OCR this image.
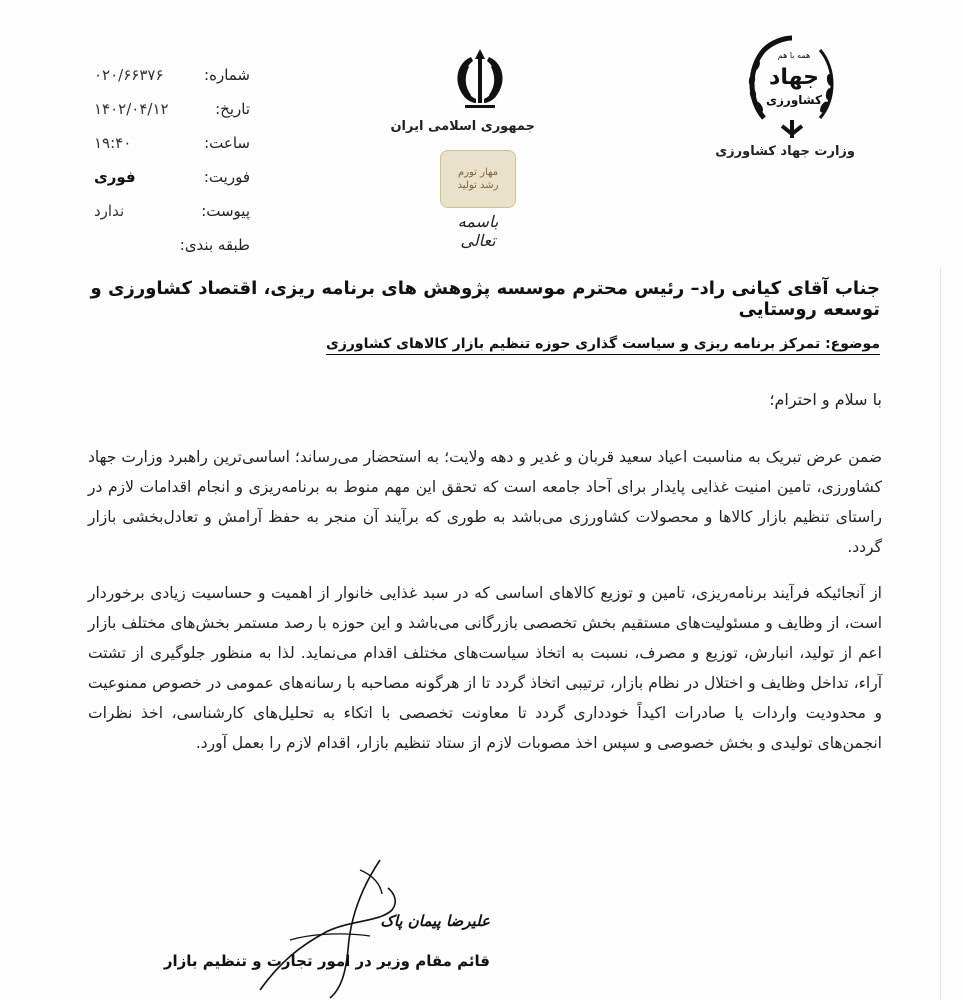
شماره:
۰۲۰/۶۶۳۷۶
تاریخ:
۱۴۰۲/۰۴/۱۲
ساعت:
۱۹:۴۰
فوریت:
فوری
پیوست:
ندارد
طبقه بندی:
جمهوری اسلامی ایران
مهار تورم
رشد تولید
باسمه تعالی
همه با هم
جهاد
کشاورزی
وزارت جهاد کشاورزی
جناب آقای کیانی راد– رئیس محترم موسسه پژوهش های برنامه ریزی، اقتصاد کشاورزی و توسعه روستایی
موضوع: تمرکز برنامه ریزی و سیاست گذاری حوزه تنظیم بازار کالاهای کشاورزی
با سلام و احترام؛
ضمن عرض تبریک به مناسبت اعیاد سعید قربان و غدیر و دهه ولایت؛ به استحضار می‌رساند؛ اساسی‌ترین راهبرد وزارت جهاد کشاورزی، تامین امنیت غذایی پایدار برای آحاد جامعه است که تحقق این مهم منوط به برنامه‌ریزی و انجام اقدامات لازم در راستای تنظیم بازار کالاها و محصولات کشاورزی می‌باشد به طوری که برآیند آن منجر به حفظ آرامش و تعادل‌بخشی بازار گردد.
از آنجائیکه فرآیند برنامه‌ریزی، تامین و توزیع کالاهای اساسی که در سبد غذایی خانوار از اهمیت و حساسیت زیادی برخوردار است، از وظایف و مسئولیت‌های مستقیم بخش تخصصی بازرگانی می‌باشد و این حوزه با رصد مستمر بخش‌های مختلف بازار اعم از تولید، انبارش، توزیع و مصرف، نسبت به اتخاذ سیاست‌های مختلف اقدام می‌نماید. لذا به منظور جلوگیری از تشتت آراء، تداخل وظایف و اختلال در نظام بازار، ترتیبی اتخاذ گردد تا از هرگونه مصاحبه با رسانه‌های عمومی در خصوص ممنوعیت و محدودیت واردات یا صادرات اکیداً خودداری گردد تا معاونت تخصصی با اتکاء به تحلیل‌های کارشناسی، اخذ نظرات انجمن‌های تولیدی و بخش خصوصی و سپس اخذ مصوبات لازم از ستاد تنظیم بازار، اقدام لازم را بعمل آورد.
علیرضا پیمان پاک
قائم مقام وزیر در امور تجارت و تنظیم بازار
